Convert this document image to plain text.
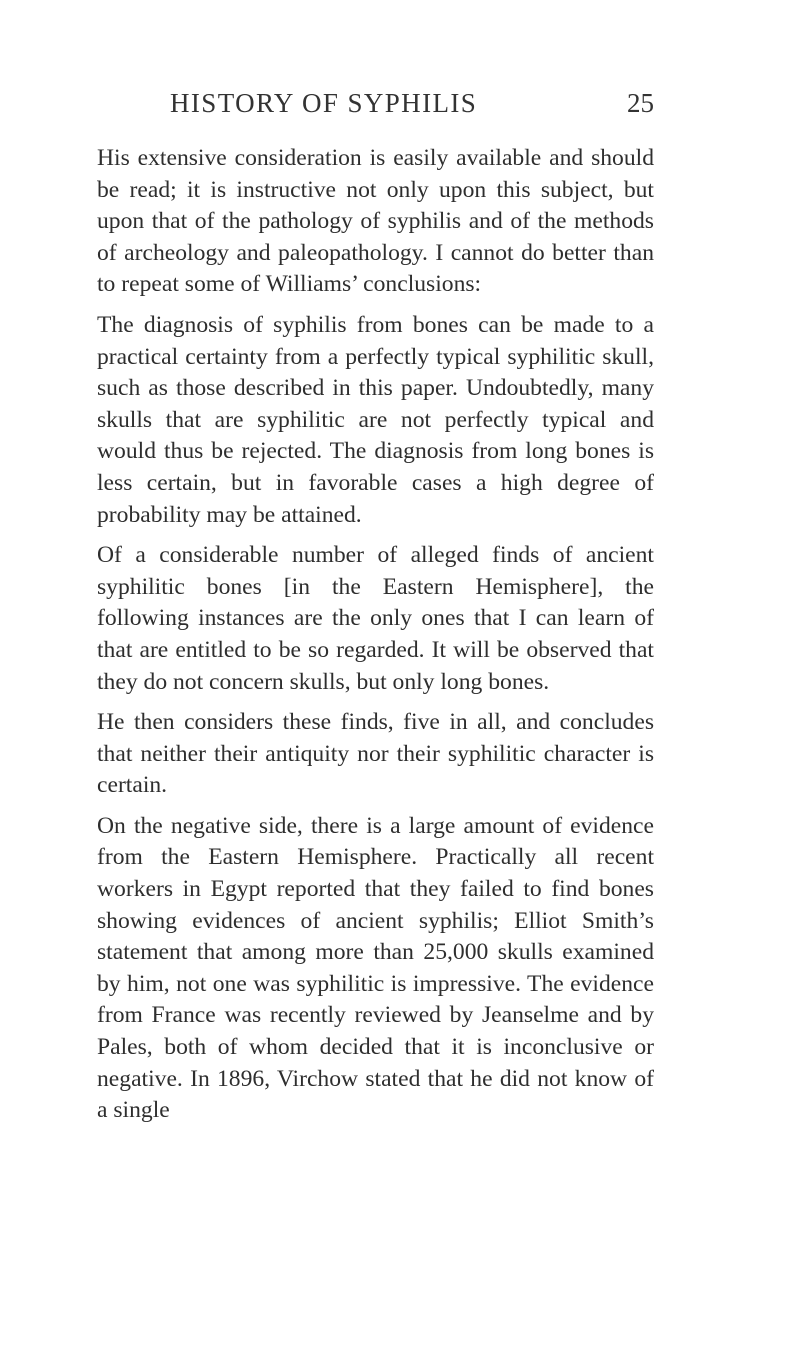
HISTORY OF SYPHILIS	25

His extensive consideration is easily available and should be read; it is instructive not only upon this subject, but upon that of the pathology of syphilis and of the methods of archeology and paleopathology. I cannot do better than to repeat some of Williams’ conclusions:

The diagnosis of syphilis from bones can be made to a practical certainty from a perfectly typical syphilitic skull, such as those described in this paper. Undoubtedly, many skulls that are syphilitic are not perfectly typical and would thus be rejected. The diagnosis from long bones is less certain, but in favorable cases a high degree of probability may be attained.

Of a considerable number of alleged finds of ancient syphilitic bones [in the Eastern Hemisphere], the following instances are the only ones that I can learn of that are entitled to be so regarded. It will be observed that they do not concern skulls, but only long bones.

He then considers these finds, five in all, and concludes that neither their antiquity nor their syphilitic character is certain.

On the negative side, there is a large amount of evidence from the Eastern Hemisphere. Practically all recent workers in Egypt reported that they failed to find bones showing evidences of ancient syphilis; Elliot Smith’s statement that among more than 25,000 skulls examined by him, not one was syphilitic is impressive. The evidence from France was recently reviewed by Jeanselme and by Pales, both of whom decided that it is inconclusive or negative. In 1896, Virchow stated that he did not know of a single
